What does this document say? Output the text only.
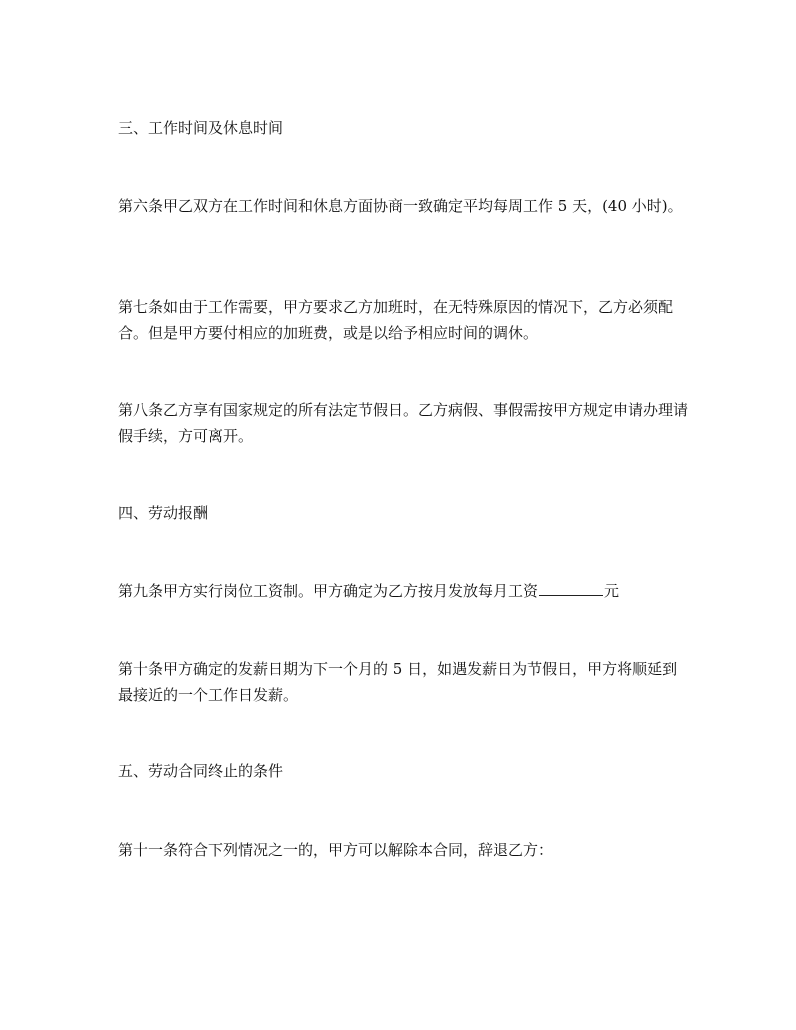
三、工作时间及休息时间

第六条甲乙双方在工作时间和休息方面协商一致确定平均每周工作 5 天，(40 小时)。

第七条如由于工作需要，甲方要求乙方加班时，在无特殊原因的情况下，乙方必须配合。但是甲方要付相应的加班费，或是以给予相应时间的调休。

第八条乙方享有国家规定的所有法定节假日。乙方病假、事假需按甲方规定申请办理请假手续，方可离开。

四、劳动报酬

第九条甲方实行岗位工资制。甲方确定为乙方按月发放每月工资	元

第十条甲方确定的发薪日期为下一个月的 5 日，如遇发薪日为节假日，甲方将顺延到最接近的一个工作日发薪。

五、劳动合同终止的条件

第十一条符合下列情况之一的，甲方可以解除本合同，辞退乙方：
